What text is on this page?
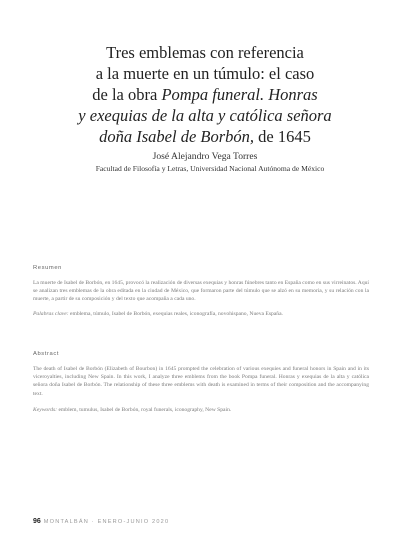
Tres emblemas con referencia
a la muerte en un túmulo: el caso
de la obra Pompa funeral. Honras
y exequias de la alta y católica señora
doña Isabel de Borbón, de 1645
José Alejandro Vega Torres
Facultad de Filosofía y Letras, Universidad Nacional Autónoma de México
Resumen
La muerte de Isabel de Borbón, en 1645, provocó la realización de diversas exequias y honras fúnebres tanto en España como en sus virreinatos. Aquí se analizan tres emblemas de la obra editada en la ciudad de México, que formaron parte del túmulo que se alzó en su memoria, y su relación con la muerte, a partir de su composición y del texto que acompaña a cada uno.
Palabras clave: emblema, túmulo, Isabel de Borbón, exequias reales, iconografía, novohispano, Nueva España.
Abstract
The death of Isabel de Borbón (Elizabeth of Bourbon) in 1645 prompted the celebration of various exequies and funeral honors in Spain and in its viceroyalties, including New Spain. In this work, I analyze three emblems from the book Pompa funeral. Honras y exequias de la alta y católica señora doña Isabel de Borbón. The relationship of these three emblems with death is examined in terms of their composition and the accompanying text.
Keywords: emblem, tumulus, Isabel de Borbón, royal funerals, iconography, New Spain.
96 MONTALBÁN · ENERO-JUNIO 2020
